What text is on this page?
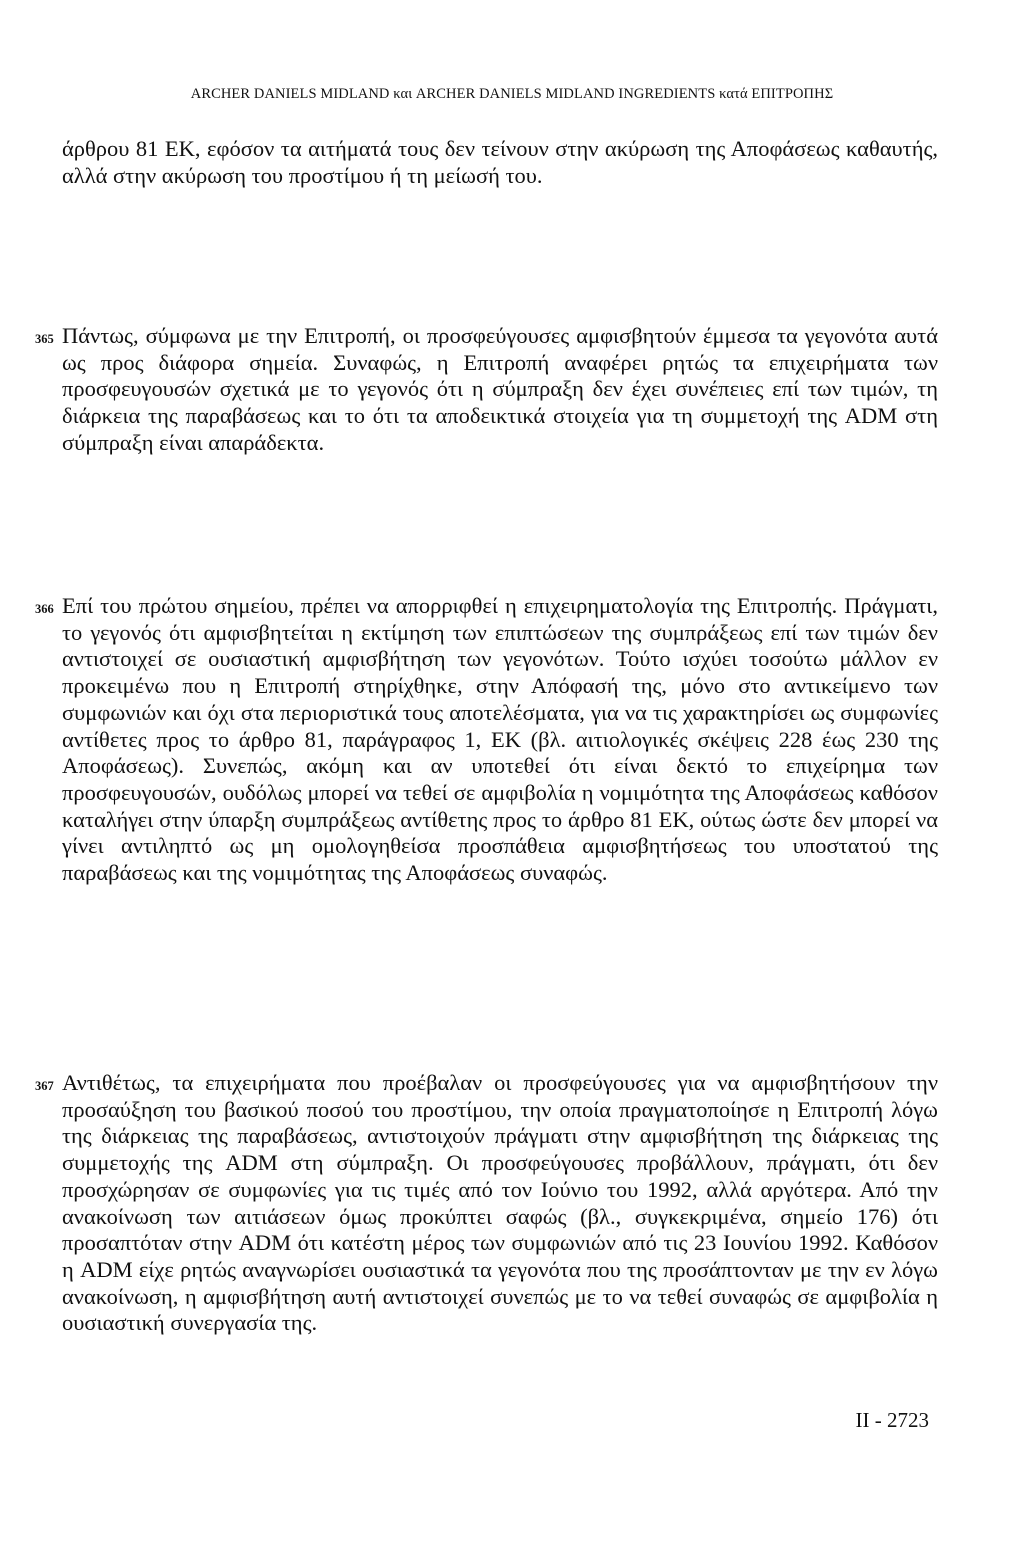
ARCHER DANIELS MIDLAND και ARCHER DANIELS MIDLAND INGREDIENTS κατά ΕΠΙΤΡΟΠΗΣ

άρθρου 81 ΕΚ, εφόσον τα αιτήματά τους δεν τείνουν στην ακύρωση της Αποφάσεως καθαυτής, αλλά στην ακύρωση του προστίμου ή τη μείωσή του.

365 Πάντως, σύμφωνα με την Επιτροπή, οι προσφεύγουσες αμφισβητούν έμμεσα τα γεγονότα αυτά ως προς διάφορα σημεία. Συναφώς, η Επιτροπή αναφέρει ρητώς τα επιχειρήματα των προσφευγουσών σχετικά με το γεγονός ότι η σύμπραξη δεν έχει συνέπειες επί των τιμών, τη διάρκεια της παραβάσεως και το ότι τα αποδεικτικά στοιχεία για τη συμμετοχή της ADM στη σύμπραξη είναι απαράδεκτα.

366 Επί του πρώτου σημείου, πρέπει να απορριφθεί η επιχειρηματολογία της Επιτροπής. Πράγματι, το γεγονός ότι αμφισβητείται η εκτίμηση των επιπτώσεων της συμπράξεως επί των τιμών δεν αντιστοιχεί σε ουσιαστική αμφισβήτηση των γεγονότων. Τούτο ισχύει τοσούτω μάλλον εν προκειμένω που η Επιτροπή στηρίχθηκε, στην Απόφασή της, μόνο στο αντικείμενο των συμφωνιών και όχι στα περιοριστικά τους αποτελέσματα, για να τις χαρακτηρίσει ως συμφωνίες αντίθετες προς το άρθρο 81, παράγραφος 1, ΕΚ (βλ. αιτιολογικές σκέψεις 228 έως 230 της Αποφάσεως). Συνεπώς, ακόμη και αν υποτεθεί ότι είναι δεκτό το επιχείρημα των προσφευγουσών, ουδόλως μπορεί να τεθεί σε αμφιβολία η νομιμότητα της Αποφάσεως καθόσον καταλήγει στην ύπαρξη συμπράξεως αντίθετης προς το άρθρο 81 ΕΚ, ούτως ώστε δεν μπορεί να γίνει αντιληπτό ως μη ομολογηθείσα προσπάθεια αμφισβητήσεως του υποστατού της παραβάσεως και της νομιμότητας της Αποφάσεως συναφώς.

367 Αντιθέτως, τα επιχειρήματα που προέβαλαν οι προσφεύγουσες για να αμφισβητήσουν την προσαύξηση του βασικού ποσού του προστίμου, την οποία πραγματοποίησε η Επιτροπή λόγω της διάρκειας της παραβάσεως, αντιστοιχούν πράγματι στην αμφισβήτηση της διάρκειας της συμμετοχής της ADM στη σύμπραξη. Οι προσφεύγουσες προβάλλουν, πράγματι, ότι δεν προσχώρησαν σε συμφωνίες για τις τιμές από τον Ιούνιο του 1992, αλλά αργότερα. Από την ανακοίνωση των αιτιάσεων όμως προκύπτει σαφώς (βλ., συγκεκριμένα, σημείο 176) ότι προσαπτόταν στην ADM ότι κατέστη μέρος των συμφωνιών από τις 23 Ιουνίου 1992. Καθόσον η ADM είχε ρητώς αναγνωρίσει ουσιαστικά τα γεγονότα που της προσάπτονταν με την εν λόγω ανακοίνωση, η αμφισβήτηση αυτή αντιστοιχεί συνεπώς με το να τεθεί συναφώς σε αμφιβολία η ουσιαστική συνεργασία της.

II - 2723
